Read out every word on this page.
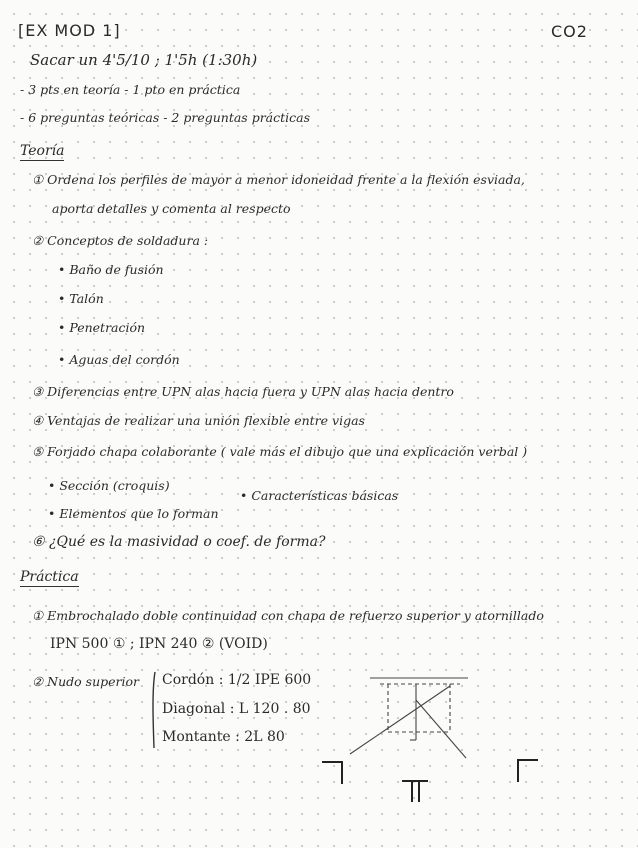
[EX MOD 1]	CO2
Sacar un 4'5/10 ; 1'5h (1:30h)
- 3 pts en teoría - 1 pto en práctica
- 6 preguntas teóricas - 2 preguntas prácticas
Teoría
① Ordena los perfiles de mayor a menor idoneidad frente a la flexión esviada,
aporta detalles y comenta al respecto
② Conceptos de soldadura :
• Baño de fusión
• Talón
• Penetración
• Aguas del cordón
③ Diferencias entre UPN alas hacia fuera y UPN alas hacia dentro
④ Ventajas de realizar una unión flexible entre vigas
⑤ Forjado chapa colaborante ( vale más el dibujo que una explicación verbal )
• Sección (croquis)
• Elementos que lo forman
• Características básicas
⑥ ¿Qué es la masividad o coef. de forma?
Práctica
① Embrochalado doble continuidad con chapa de refuerzo superior y atornillado
IPN 500 ① ; IPN 240 ② (VOID)
② Nudo superior Cordón : 1/2 IPE 600
Diagonal : L 120 . 80
Montante : 2L 80
